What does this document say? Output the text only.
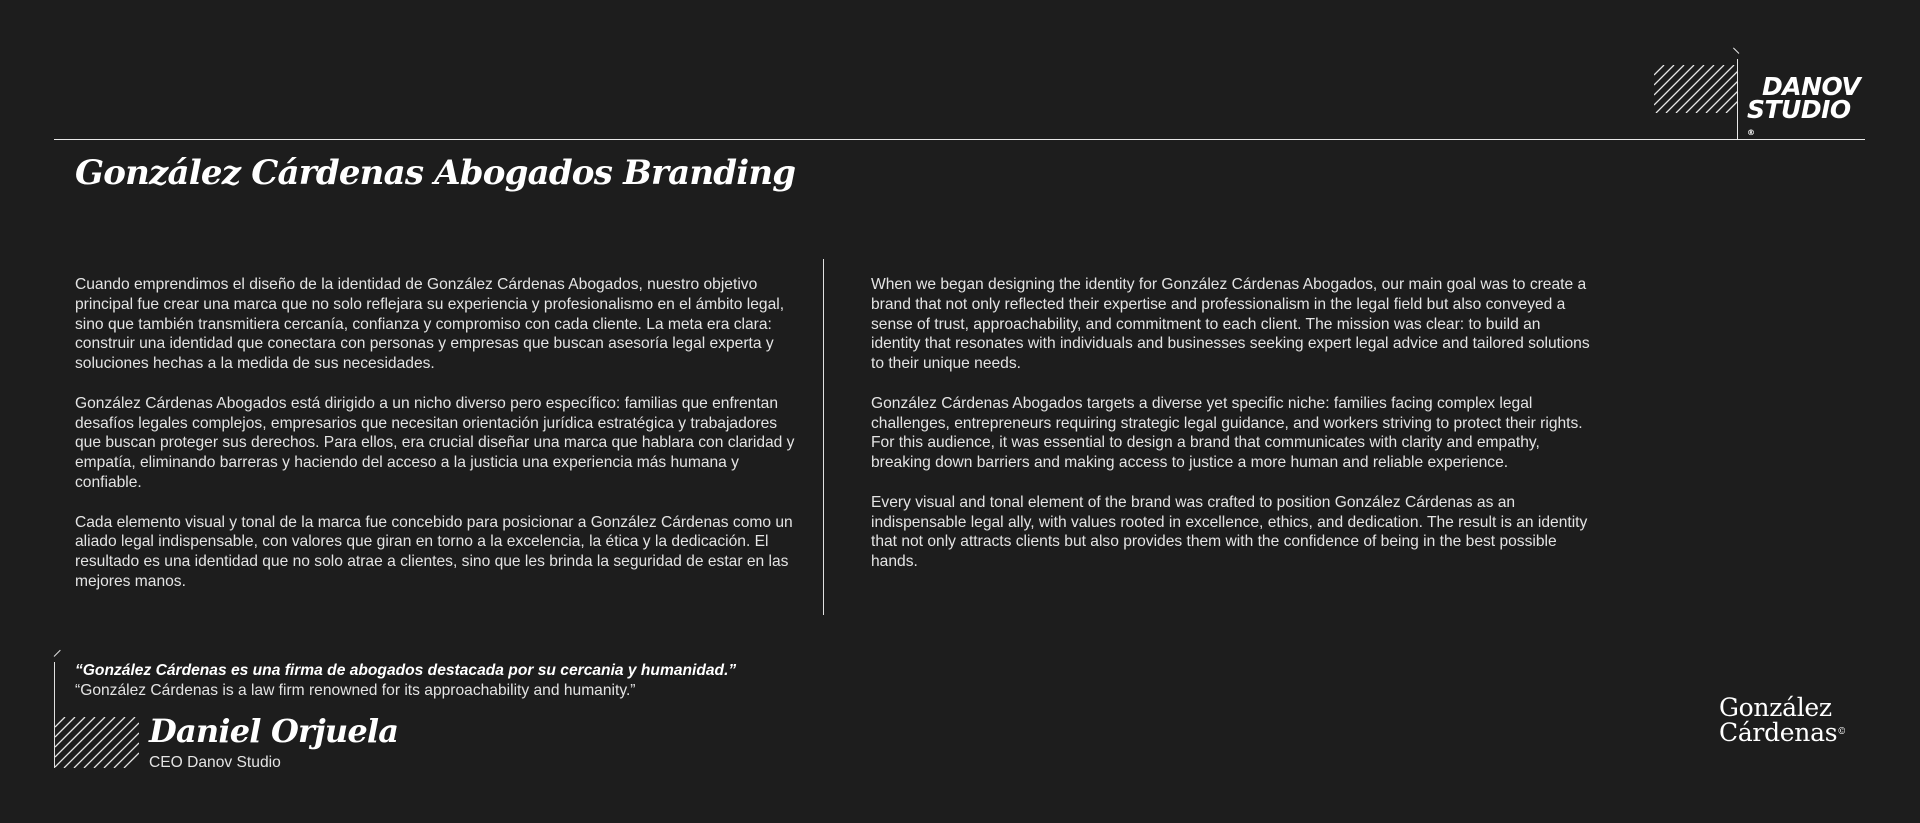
DANOV
STUDIO
®
González Cárdenas Abogados Branding

Cuando emprendimos el diseño de la identidad de González Cárdenas Abogados, nuestro objetivo principal fue crear una marca que no solo reflejara su experiencia y profesionalismo en el ámbito legal, sino que también transmitiera cercanía, confianza y compromiso con cada cliente. La meta era clara: construir una identidad que conectara con personas y empresas que buscan asesoría legal experta y soluciones hechas a la medida de sus necesidades.

González Cárdenas Abogados está dirigido a un nicho diverso pero específico: familias que enfrentan desafíos legales complejos, empresarios que necesitan orientación jurídica estratégica y trabajadores que buscan proteger sus derechos. Para ellos, era crucial diseñar una marca que hablara con claridad y empatía, eliminando barreras y haciendo del acceso a la justicia una experiencia más humana y confiable.

Cada elemento visual y tonal de la marca fue concebido para posicionar a González Cárdenas como un aliado legal indispensable, con valores que giran en torno a la excelencia, la ética y la dedicación. El resultado es una identidad que no solo atrae a clientes, sino que les brinda la seguridad de estar en las mejores manos.

When we began designing the identity for González Cárdenas Abogados, our main goal was to create a brand that not only reflected their expertise and professionalism in the legal field but also conveyed a sense of trust, approachability, and commitment to each client. The mission was clear: to build an identity that resonates with individuals and businesses seeking expert legal advice and tailored solutions to their unique needs.

González Cárdenas Abogados targets a diverse yet specific niche: families facing complex legal challenges, entrepreneurs requiring strategic legal guidance, and workers striving to protect their rights. For this audience, it was essential to design a brand that communicates with clarity and empathy, breaking down barriers and making access to justice a more human and reliable experience.

Every visual and tonal element of the brand was crafted to position González Cárdenas as an indispensable legal ally, with values rooted in excellence, ethics, and dedication. The result is an identity that not only attracts clients but also provides them with the confidence of being in the best possible hands.

“González Cárdenas es una firma de abogados destacada por su cercania y humanidad.”
“González Cárdenas is a law firm renowned for its approachability and humanity.”
Daniel Orjuela
CEO Danov Studio
González
Cárdenas©
